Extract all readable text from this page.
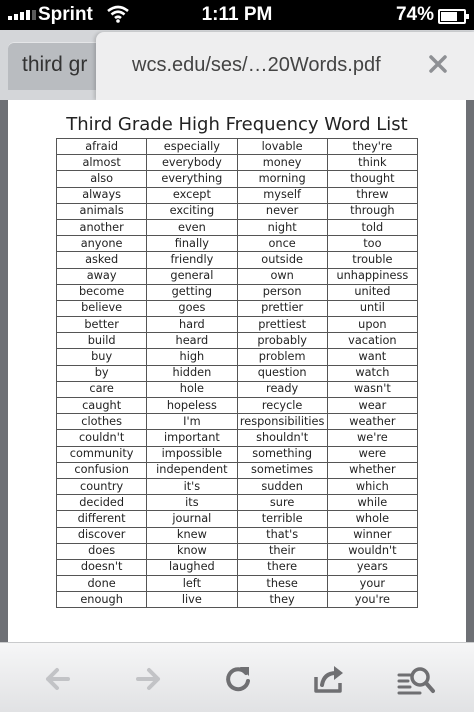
Sprint	1:11 PM	74%
third gr wcs.edu/ses/…20Words.pdf
Third Grade High Frequency Word List
afraid	especially	lovable	they're
almost	everybody	money	think
also	everything	morning	thought
always	except	myself	threw
animals	exciting	never	through
another	even	night	told
anyone	finally	once	too
asked	friendly	outside	trouble
away	general	own	unhappiness
become	getting	person	united
believe	goes	prettier	until
better	hard	prettiest	upon
build	heard	probably	vacation
buy	high	problem	want
by	hidden	question	watch
care	hole	ready	wasn't
caught	hopeless	recycle	wear
clothes	I'm	responsibilities	weather
couldn't	important	shouldn't	we're
community	impossible	something	were
confusion	independent	sometimes	whether
country	it's	sudden	which
decided	its	sure	while
different	journal	terrible	whole
discover	knew	that's	winner
does	know	their	wouldn't
doesn't	laughed	there	years
done	left	these	your
enough	live	they	you're
